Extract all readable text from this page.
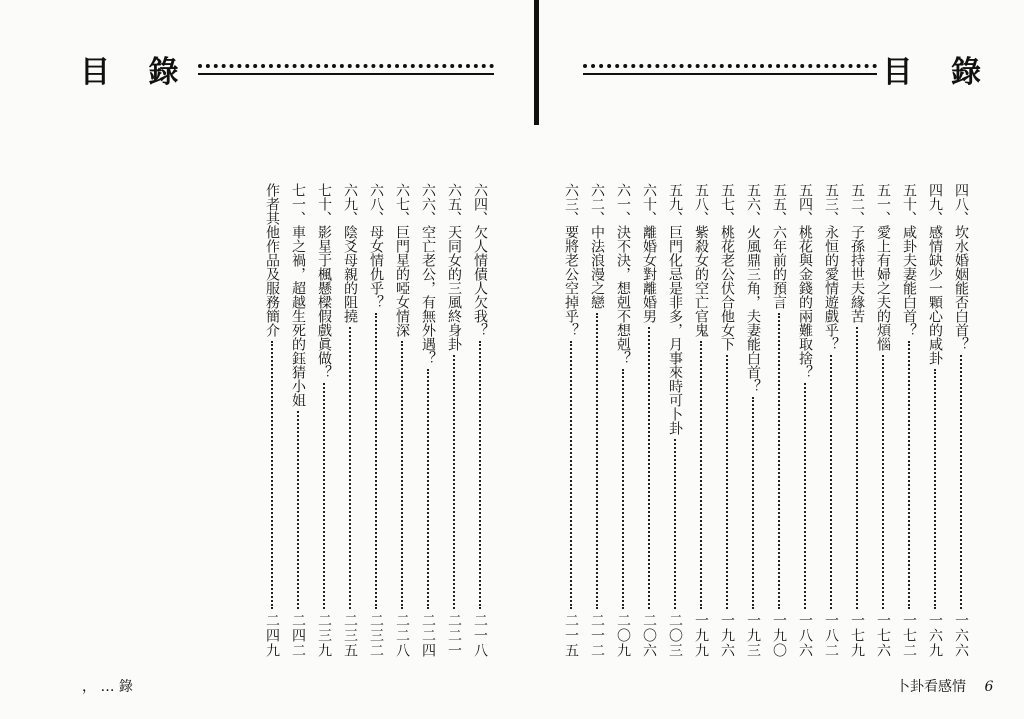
目 錄
六四、欠人情債人欠我？
二一八
六五、天同女的三風終身卦
二二一
六六、空亡老公，有無外遇？
二二四
六七、巨門星的啞女情深
二二八
六八、母女情仇乎？
二三二
六九、陰爻母親的阻撓
二三五
七十、影星于楓懸樑假戲眞做？
二三九
七一、車之禍，超越生死的鈺猜小姐
二四二
作者其他作品及服務簡介
二四九
， … 錄
目 錄
四八、坎水婚姻能否白首？
一六六
四九、感情缺少一顆心的咸卦
一六九
五十、咸卦夫妻能白首？
一七二
五一、愛上有婦之夫的煩惱
一七六
五二、子孫持世夫緣苦
一七九
五三、永恒的愛情遊戲乎？
一八二
五四、桃花與金錢的兩難取捨？
一八六
五五、六年前的預言
一九〇
五六、火風鼎三角，夫妻能白首？
一九三
五七、桃花老公伏合他女下
一九六
五八、紫殺女的空亡官鬼
一九九
五九、巨門化忌是非多，月事來時可卜卦
二〇三
六十、離婚女對離婚男
二〇六
六一、決不決，想剋不想剋？
二〇九
六二、中法浪漫之戀
二一二
六三、要將老公空掉乎？
二一五
卜卦看感情 6
